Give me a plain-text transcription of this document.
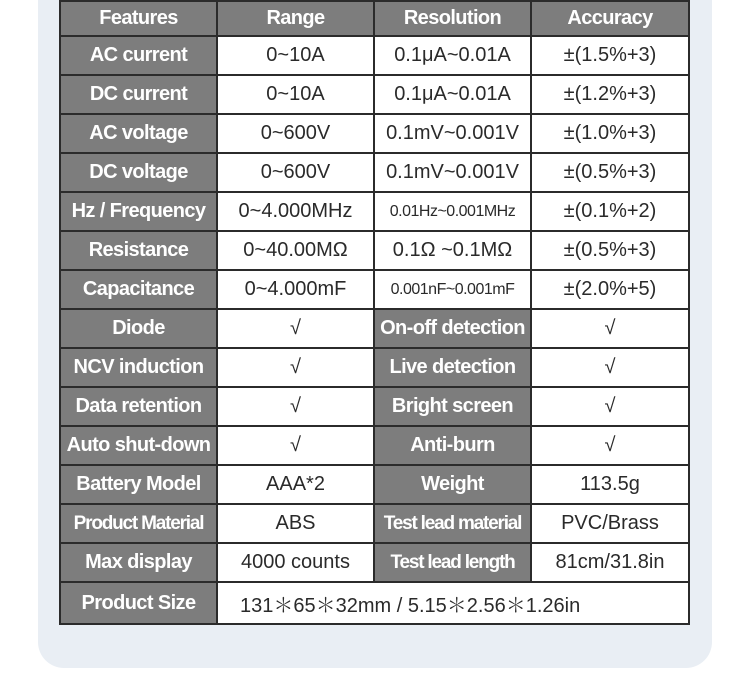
Features	Range	Resolution	Accuracy
AC current	0~10A	0.1μA~0.01A	±(1.5%+3)
DC current	0~10A	0.1μA~0.01A	±(1.2%+3)
AC voltage	0~600V	0.1mV~0.001V	±(1.0%+3)
DC voltage	0~600V	0.1mV~0.001V	±(0.5%+3)
Hz / Frequency	0~4.000MHz	0.01Hz~0.001MHz	±(0.1%+2)
Resistance	0~40.00MΩ	0.1Ω ~0.1MΩ	±(0.5%+3)
Capacitance	0~4.000mF	0.001nF~0.001mF	±(2.0%+5)
Diode	√	On-off detection	√
NCV induction	√	Live detection	√
Data retention	√	Bright screen	√
Auto shut-down	√	Anti-burn	√
Battery Model	AAA*2	Weight	113.5g
Product Material	ABS	Test lead material	PVC/Brass
Max display	4000 counts	Test lead length	81cm/31.8in
Product Size	131＊65＊32mm / 5.15＊2.56＊1.26in		
